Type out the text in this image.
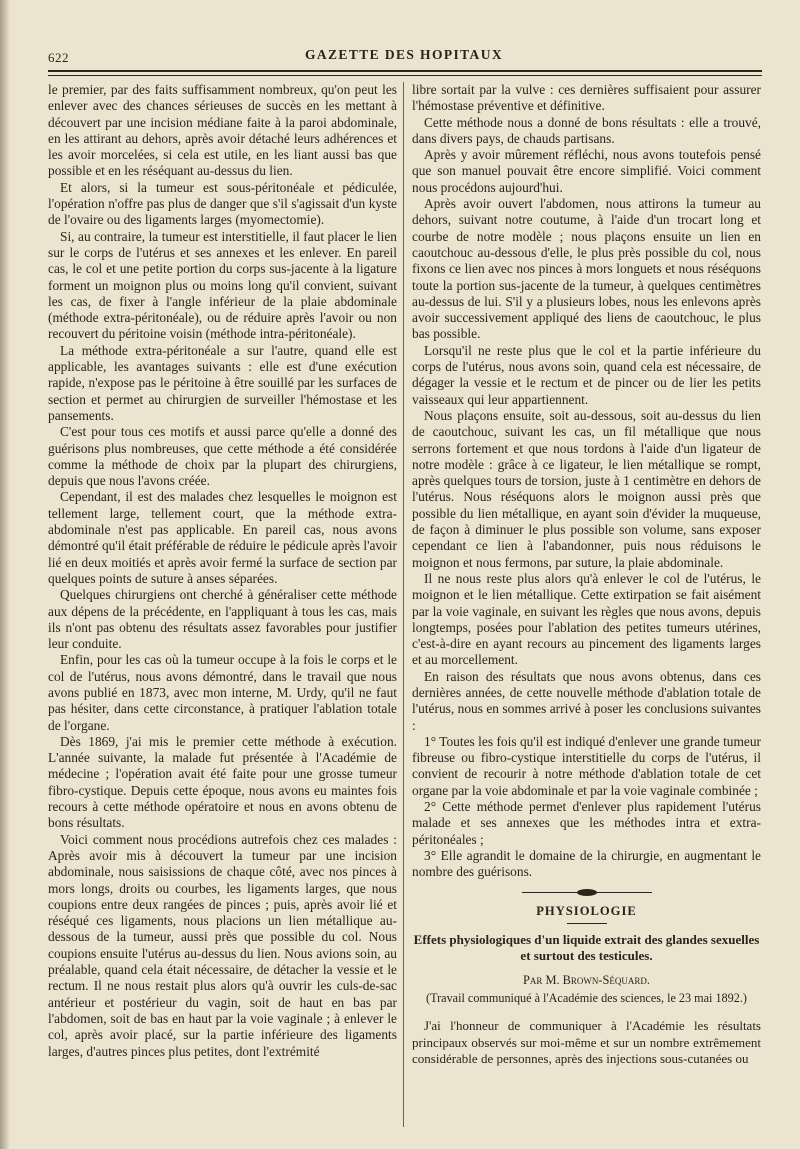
622	GAZETTE DES HOPITAUX

le premier, par des faits suffisamment nombreux, qu'on peut les enlever avec des chances sérieuses de succès en les mettant à découvert par une incision médiane faite à la paroi abdominale, en les attirant au dehors, après avoir détaché leurs adhérences et les avoir morcelées, si cela est utile, en les liant aussi bas que possible et en les réséquant au-dessus du lien.

Et alors, si la tumeur est sous-péritonéale et pédiculée, l'opération n'offre pas plus de danger que s'il s'agissait d'un kyste de l'ovaire ou des ligaments larges (myomectomie).

Si, au contraire, la tumeur est interstitielle, il faut placer le lien sur le corps de l'utérus et ses annexes et les enlever. En pareil cas, le col et une petite portion du corps sus-jacente à la ligature forment un moignon plus ou moins long qu'il convient, suivant les cas, de fixer à l'angle inférieur de la plaie abdominale (méthode extra-péritonéale), ou de réduire après l'avoir ou non recouvert du péritoine voisin (méthode intra-péritonéale).

La méthode extra-péritonéale a sur l'autre, quand elle est applicable, les avantages suivants : elle est d'une exécution rapide, n'expose pas le péritoine à être souillé par les surfaces de section et permet au chirurgien de surveiller l'hémostase et les pansements.

C'est pour tous ces motifs et aussi parce qu'elle a donné des guérisons plus nombreuses, que cette méthode a été considérée comme la méthode de choix par la plupart des chirurgiens, depuis que nous l'avons créée.

Cependant, il est des malades chez lesquelles le moignon est tellement large, tellement court, que la méthode extra-abdominale n'est pas applicable. En pareil cas, nous avons démontré qu'il était préférable de réduire le pédicule après l'avoir lié en deux moitiés et après avoir fermé la surface de section par quelques points de suture à anses séparées.

Quelques chirurgiens ont cherché à généraliser cette méthode aux dépens de la précédente, en l'appliquant à tous les cas, mais ils n'ont pas obtenu des résultats assez favorables pour justifier leur conduite.

Enfin, pour les cas où la tumeur occupe à la fois le corps et le col de l'utérus, nous avons démontré, dans le travail que nous avons publié en 1873, avec mon interne, M. Urdy, qu'il ne faut pas hésiter, dans cette circonstance, à pratiquer l'ablation totale de l'organe.

Dès 1869, j'ai mis le premier cette méthode à exécution. L'année suivante, la malade fut présentée à l'Académie de médecine ; l'opération avait été faite pour une grosse tumeur fibro-cystique. Depuis cette époque, nous avons eu maintes fois recours à cette méthode opératoire et nous en avons obtenu de bons résultats.

Voici comment nous procédions autrefois chez ces malades : Après avoir mis à découvert la tumeur par une incision abdominale, nous saisissions de chaque côté, avec nos pinces à mors longs, droits ou courbes, les ligaments larges, que nous coupions entre deux rangées de pinces ; puis, après avoir lié et réséqué ces ligaments, nous placions un lien métallique au-dessous de la tumeur, aussi près que possible du col. Nous coupions ensuite l'utérus au-dessus du lien. Nous avions soin, au préalable, quand cela était nécessaire, de détacher la vessie et le rectum. Il ne nous restait plus alors qu'à ouvrir les culs-de-sac antérieur et postérieur du vagin, soit de haut en bas par l'abdomen, soit de bas en haut par la voie vaginale ; à enlever le col, après avoir placé, sur la partie inférieure des ligaments larges, d'autres pinces plus petites, dont l'extrémité

libre sortait par la vulve : ces dernières suffisaient pour assurer l'hémostase préventive et définitive.

Cette méthode nous a donné de bons résultats : elle a trouvé, dans divers pays, de chauds partisans.

Après y avoir mûrement réfléchi, nous avons toutefois pensé que son manuel pouvait être encore simplifié. Voici comment nous procédons aujourd'hui.

Après avoir ouvert l'abdomen, nous attirons la tumeur au dehors, suivant notre coutume, à l'aide d'un trocart long et courbe de notre modèle ; nous plaçons ensuite un lien en caoutchouc au-dessous d'elle, le plus près possible du col, nous fixons ce lien avec nos pinces à mors longuets et nous réséquons toute la portion sus-jacente de la tumeur, à quelques centimètres au-dessus de lui. S'il y a plusieurs lobes, nous les enlevons après avoir successivement appliqué des liens de caoutchouc, le plus bas possible.

Lorsqu'il ne reste plus que le col et la partie inférieure du corps de l'utérus, nous avons soin, quand cela est nécessaire, de dégager la vessie et le rectum et de pincer ou de lier les petits vaisseaux qui leur appartiennent.

Nous plaçons ensuite, soit au-dessous, soit au-dessus du lien de caoutchouc, suivant les cas, un fil métallique que nous serrons fortement et que nous tordons à l'aide d'un ligateur de notre modèle : grâce à ce ligateur, le lien métallique se rompt, après quelques tours de torsion, juste à 1 centimètre en dehors de l'utérus. Nous réséquons alors le moignon aussi près que possible du lien métallique, en ayant soin d'évider la muqueuse, de façon à diminuer le plus possible son volume, sans exposer cependant ce lien à l'abandonner, puis nous réduisons le moignon et nous fermons, par suture, la plaie abdominale.

Il ne nous reste plus alors qu'à enlever le col de l'utérus, le moignon et le lien métallique. Cette extirpation se fait aisément par la voie vaginale, en suivant les règles que nous avons, depuis longtemps, posées pour l'ablation des petites tumeurs utérines, c'est-à-dire en ayant recours au pincement des ligaments larges et au morcellement.

En raison des résultats que nous avons obtenus, dans ces dernières années, de cette nouvelle méthode d'ablation totale de l'utérus, nous en sommes arrivé à poser les conclusions suivantes :

1° Toutes les fois qu'il est indiqué d'enlever une grande tumeur fibreuse ou fibro-cystique interstitielle du corps de l'utérus, il convient de recourir à notre méthode d'ablation totale de cet organe par la voie abdominale et par la voie vaginale combinée ;

2° Cette méthode permet d'enlever plus rapidement l'utérus malade et ses annexes que les méthodes intra et extra-péritonéales ;

3° Elle agrandit le domaine de la chirurgie, en augmentant le nombre des guérisons.

PHYSIOLOGIE
Effets physiologiques d'un liquide extrait des glandes sexuelles et surtout des testicules.
Par M. Brown-Séquard.
(Travail communiqué à l'Académie des sciences, le 23 mai 1892.)

J'ai l'honneur de communiquer à l'Académie les résultats principaux observés sur moi-même et sur un nombre extrêmement considérable de personnes, après des injections sous-cutanées ou
